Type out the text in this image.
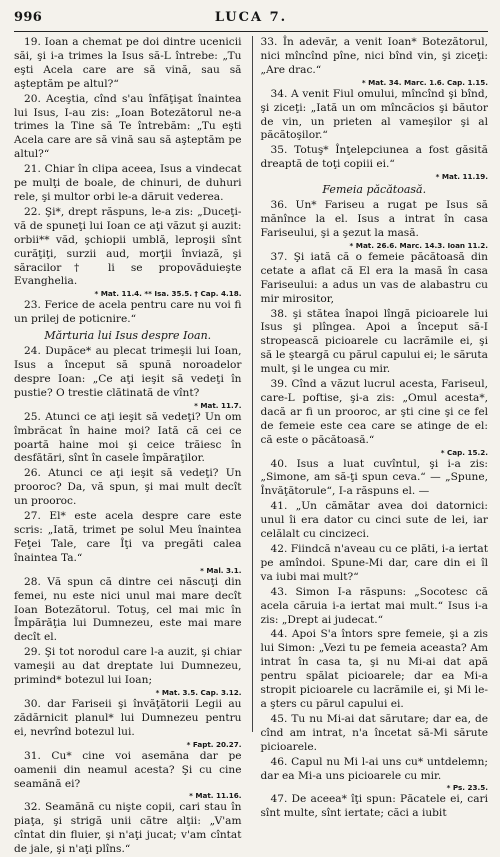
996	LUCA 7.

19. Ioan a chemat pe doi dintre ucenicii săi, şi i-a trimes la Isus să-L întrebe: „Tu eşti Acela care are să vină, sau să aşteptăm pe altul?“

20. Aceştia, cînd s'au înfăţişat înaintea lui Isus, I-au zis: „Ioan Botezătorul ne-a trimes la Tine să Te întrebăm: „Tu eşti Acela care are să vină sau să aşteptăm pe altul?“

21. Chiar în clipa aceea, Isus a vindecat pe mulţi de boale, de chinuri, de duhuri rele, şi multor orbi le-a dăruit vederea.

22. Şi*, drept răspuns, le-a zis: „Duceţi-vă de spuneţi lui Ioan ce aţi văzut şi auzit: orbii** văd, şchiopii umblă, leproşii sînt curăţiţi, surzii aud, morţii înviază, şi săracilor† li se propovăduieşte Evanghelia.
* Mat. 11.4. ** Isa. 35.5. † Cap. 4.18.

23. Ferice de acela pentru care nu voi fi un prilej de poticnire.“

Mărturia lui Isus despre Ioan.

24. Dupăce* au plecat trimeşii lui Ioan, Isus a început să spună noroadelor despre Ioan: „Ce aţi ieşit să vedeţi în pustie? O trestie clătinată de vînt?
* Mat. 11.7.

25. Atunci ce aţi ieşit să vedeţi? Un om îmbrăcat în haine moi? Iată că cei ce poartă haine moi şi ceice trăiesc în desfătări, sînt în casele împăraţilor.

26. Atunci ce aţi ieşit să vedeţi? Un prooroc? Da, vă spun, şi mai mult decît un prooroc.

27. El* este acela despre care este scris: „Iată, trimet pe solul Meu înaintea Feţei Tale, care Îţi va pregăti calea înaintea Ta.“
* Mal. 3.1.

28. Vă spun că dintre cei născuţi din femei, nu este nici unul mai mare decît Ioan Botezătorul. Totuş, cel mai mic în Împărăţia lui Dumnezeu, este mai mare decît el.

29. Şi tot norodul care l-a auzit, şi chiar vameşii au dat dreptate lui Dumnezeu, primind* botezul lui Ioan;
* Mat. 3.5. Cap. 3.12.

30. dar Fariseii şi învăţătorii Legii au zădărnicit planul* lui Dumnezeu pentru ei, nevrînd botezul lui.
* Fapt. 20.27.

31. Cu* cine voi asemăna dar pe oamenii din neamul acesta? Şi cu cine seamănă ei?
* Mat. 11.16.

32. Seamănă cu nişte copii, cari stau în piaţa, şi strigă unii către alţii: „V'am cîntat din fluier, şi n'aţi jucat; v'am cîntat de jale, şi n'aţi plîns.“

33. În adevăr, a venit Ioan* Botezătorul, nici mîncînd pîne, nici bînd vin, şi ziceţi: „Are drac.“
* Mat. 34. Marc. 1.6. Cap. 1.15.

34. A venit Fiul omului, mîncînd şi bînd, şi ziceţi: „Iată un om mîncăcios şi băutor de vin, un prieten al vameşilor şi al păcătoşilor.“

35. Totuş* Înţelepciunea a fost găsită dreaptă de toţi copiii ei.“
* Mat. 11.19.

Femeia păcătoasă.

36. Un* Fariseu a rugat pe Isus să mănînce la el. Isus a intrat în casa Fariseului, şi a şezut la masă.
* Mat. 26.6. Marc. 14.3. Ioan 11.2.

37. Şi iată că o femeie păcătoasă din cetate a aflat că El era la masă în casa Fariseului: a adus un vas de alabastru cu mir mirositor,

38. şi stătea înapoi lîngă picioarele lui Isus şi plîngea. Apoi a început să-I stropească picioarele cu lacrămile ei, şi să le şteargă cu părul capului ei; le săruta mult, şi le ungea cu mir.

39. Cînd a văzut lucrul acesta, Fariseul, care-L poftise, şi-a zis: „Omul acesta*, dacă ar fi un prooroc, ar şti cine şi ce fel de femeie este cea care se atinge de el: că este o păcătoasă.“
* Cap. 15.2.

40. Isus a luat cuvîntul, şi i-a zis: „Simone, am să-ţi spun ceva.“ — „Spune, Învăţătorule“, I-a răspuns el. —

41. „Un cămătar avea doi datornici: unul îi era dator cu cinci sute de lei, iar celălalt cu cincizeci.

42. Fiindcă n'aveau cu ce plăti, i-a iertat pe amîndoi. Spune-Mi dar, care din ei îl va iubi mai mult?“

43. Simon I-a răspuns: „Socotesc că acela căruia i-a iertat mai mult.“ Isus i-a zis: „Drept ai judecat.“

44. Apoi S'a întors spre femeie, şi a zis lui Simon: „Vezi tu pe femeia aceasta? Am intrat în casa ta, şi nu Mi-ai dat apă pentru spălat picioarele; dar ea Mi-a stropit picioarele cu lacrămile ei, şi Mi le-a şters cu părul capului ei.

45. Tu nu Mi-ai dat sărutare; dar ea, de cînd am intrat, n'a încetat să-Mi sărute picioarele.

46. Capul nu Mi l-ai uns cu* untdelemn; dar ea Mi-a uns picioarele cu mir.
* Ps. 23.5.

47. De aceea* îţi spun: Păcatele ei, cari sînt multe, sînt iertate; căci a iubit
